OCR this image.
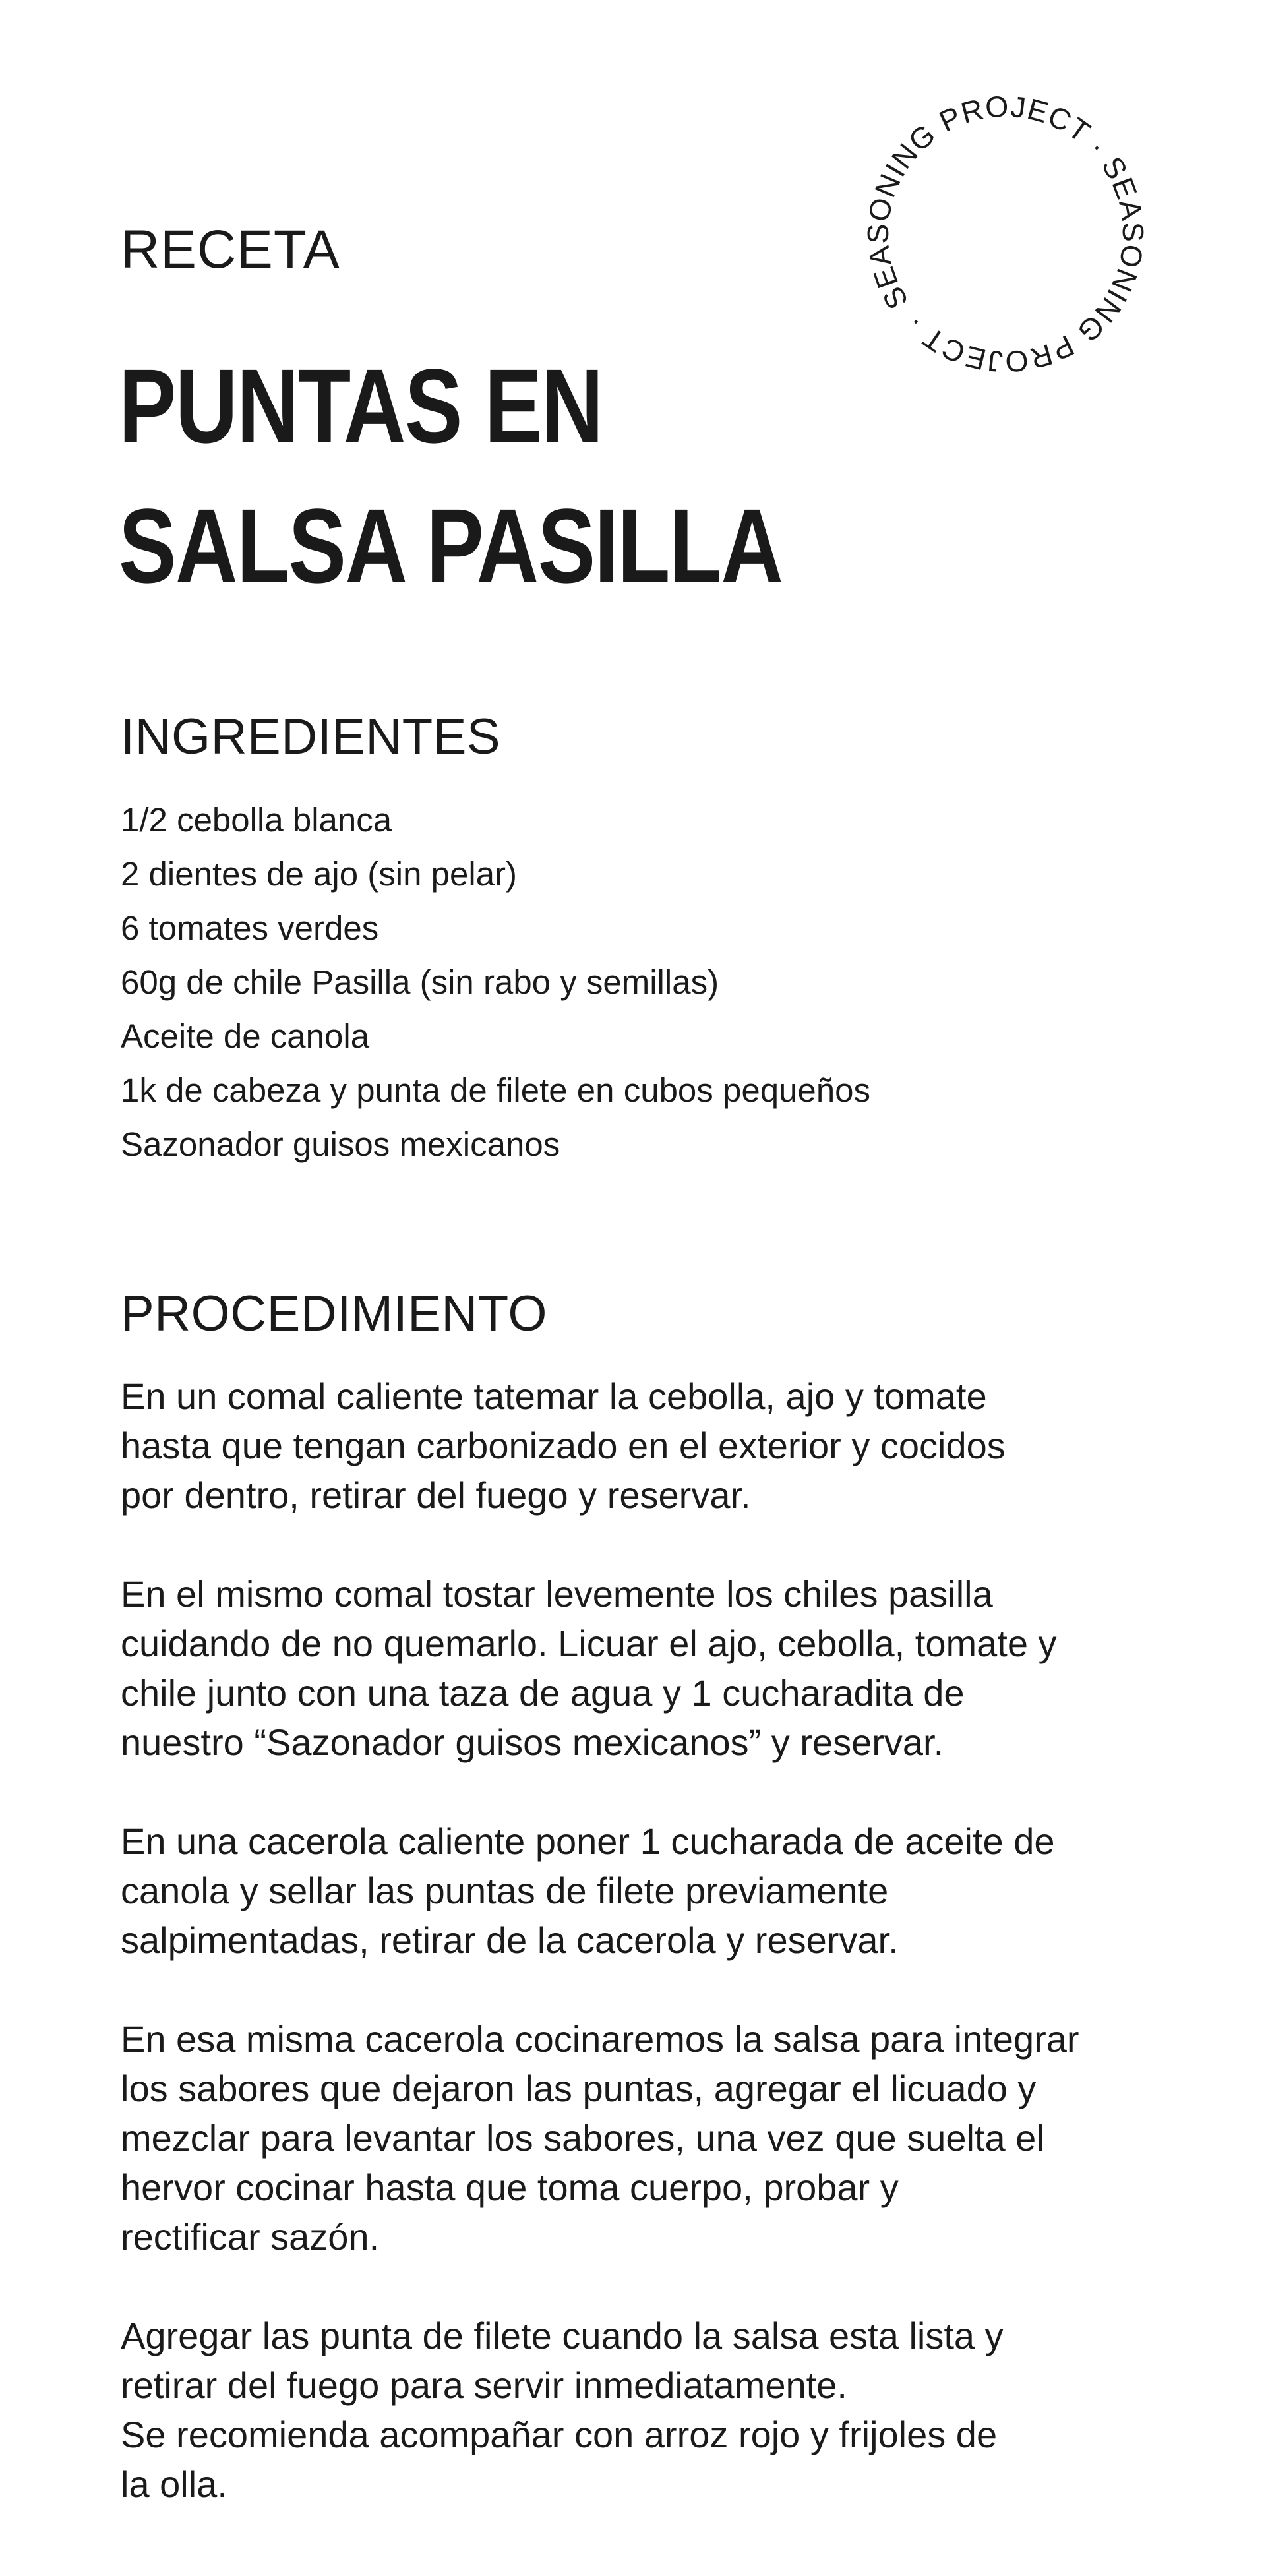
SEASONING PROJECT · SEASONING PROJECT ·
RECETA
PUNTAS EN
SALSA PASILLA
INGREDIENTES
1/2 cebolla blanca
2 dientes de ajo (sin pelar)
6 tomates verdes
60g de chile Pasilla (sin rabo y semillas)
Aceite de canola
1k de cabeza y punta de filete en cubos pequeños
Sazonador guisos mexicanos
PROCEDIMIENTO

En un comal caliente tatemar la cebolla, ajo y tomate
hasta que tengan carbonizado en el exterior y cocidos
por dentro, retirar del fuego y reservar.

En el mismo comal tostar levemente los chiles pasilla
cuidando de no quemarlo. Licuar el ajo, cebolla, tomate y
chile junto con una taza de agua y 1 cucharadita de
nuestro “Sazonador guisos mexicanos” y reservar.

En una cacerola caliente poner 1 cucharada de aceite de
canola y sellar las puntas de filete previamente
salpimentadas, retirar de la cacerola y reservar.

En esa misma cacerola cocinaremos la salsa para integrar
los sabores que dejaron las puntas, agregar el licuado y
mezclar para levantar los sabores, una vez que suelta el
hervor cocinar hasta que toma cuerpo, probar y
rectificar sazón.

Agregar las punta de filete cuando la salsa esta lista y
retirar del fuego para servir inmediatamente.
Se recomienda acompañar con arroz rojo y frijoles de
la olla.
